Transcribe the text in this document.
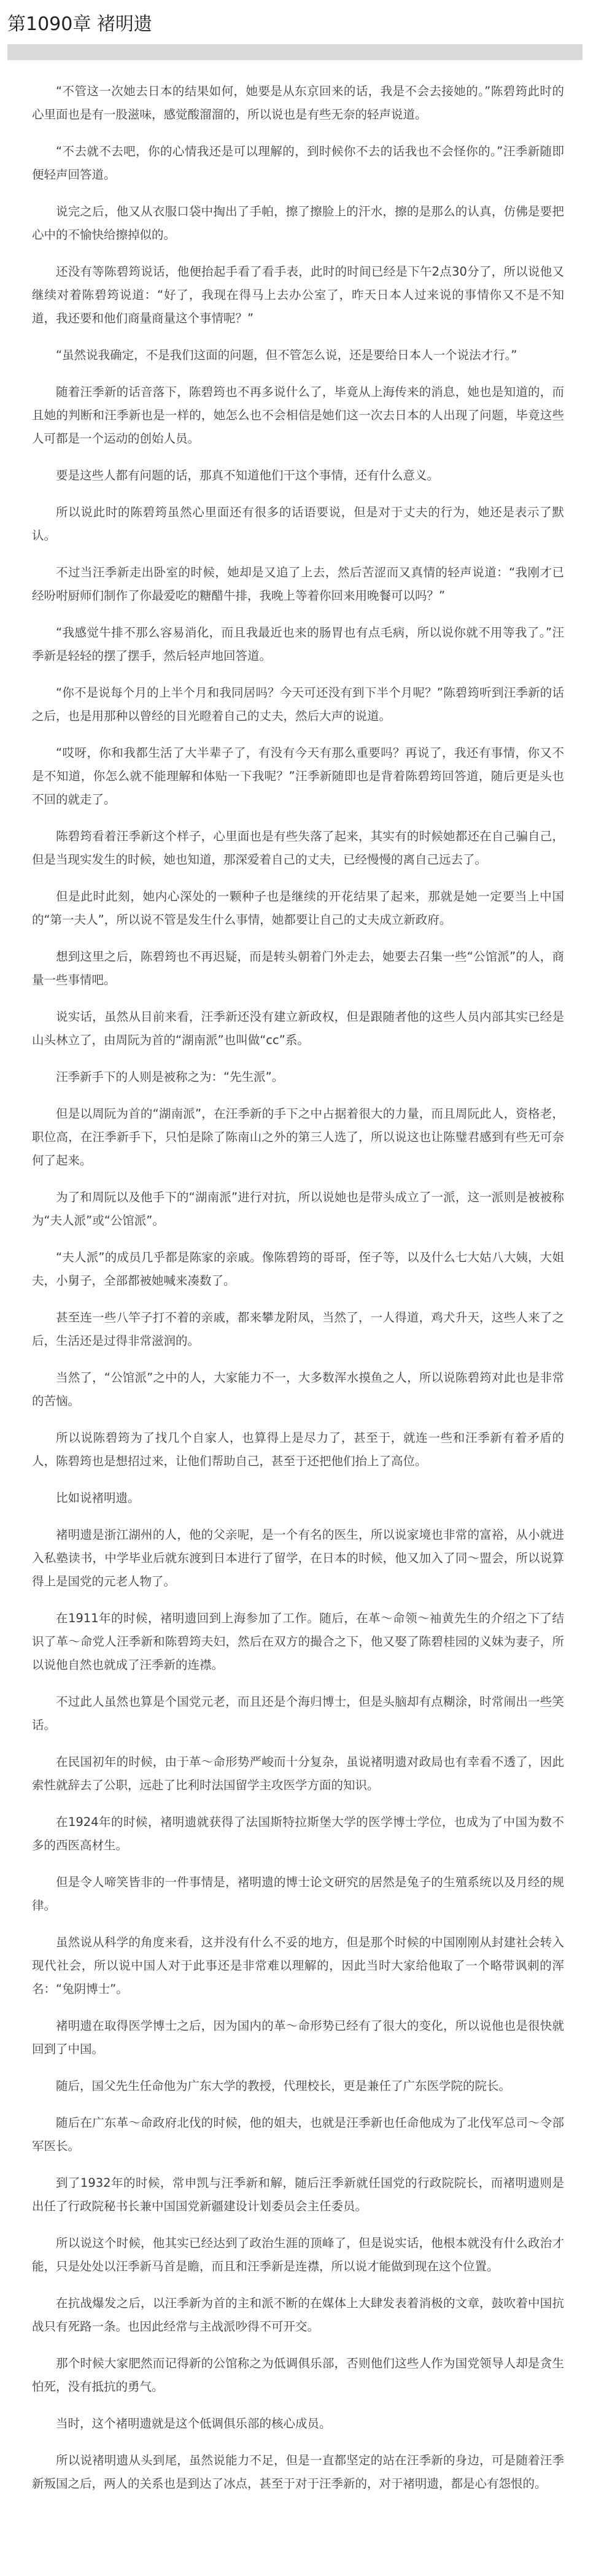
第1090章 褚明遗

“不管这一次她去日本的结果如何，她要是从东京回来的话，我是不会去接她的。”陈碧筠此时的心里面也是有一股滋味，感觉酸溜溜的，所以说也是有些无奈的轻声说道。

“不去就不去吧，你的心情我还是可以理解的，到时候你不去的话我也不会怪你的。”汪季新随即便轻声回答道。

说完之后，他又从衣服口袋中掏出了手帕，擦了擦脸上的汗水，擦的是那么的认真，仿佛是要把心中的不愉快给擦掉似的。

还没有等陈碧筠说话，他便抬起手看了看手表，此时的时间已经是下午2点30分了，所以说他又继续对着陈碧筠说道：“好了，我现在得马上去办公室了，昨天日本人过来说的事情你又不是不知道，我还要和他们商量商量这个事情呢？”

“虽然说我确定，不是我们这面的问题，但不管怎么说，还是要给日本人一个说法才行。”

随着汪季新的话音落下，陈碧筠也不再多说什么了，毕竟从上海传来的消息，她也是知道的，而且她的判断和汪季新也是一样的，她怎么也不会相信是她们这一次去日本的人出现了问题，毕竟这些人可都是一个运动的创始人员。

要是这些人都有问题的话，那真不知道他们干这个事情，还有什么意义。

所以说此时的陈碧筠虽然心里面还有很多的话语要说，但是对于丈夫的行为，她还是表示了默认。

不过当汪季新走出卧室的时候，她却是又追了上去，然后苦涩而又真情的轻声说道：“我刚才已经吩咐厨师们制作了你最爱吃的糖醋牛排，我晚上等着你回来用晚餐可以吗？”

“我感觉牛排不那么容易消化，而且我最近也来的肠胃也有点毛病，所以说你就不用等我了。”汪季新是轻轻的摆了摆手，然后轻声地回答道。

“你不是说每个月的上半个月和我同居吗？今天可还没有到下半个月呢？”陈碧筠听到汪季新的话之后，也是用那种以曾经的目光瞪着自己的丈夫，然后大声的说道。

“哎呀，你和我都生活了大半辈子了，有没有今天有那么重要吗？再说了，我还有事情，你又不是不知道，你怎么就不能理解和体贴一下我呢？”汪季新随即也是背着陈碧筠回答道，随后更是头也不回的就走了。

陈碧筠看着汪季新这个样子，心里面也是有些失落了起来，其实有的时候她都还在自己骗自己，但是当现实发生的时候，她也知道，那深爱着自己的丈夫，已经慢慢的离自己远去了。

但是此时此刻，她内心深处的一颗种子也是继续的开花结果了起来，那就是她一定要当上中国的“第一夫人”，所以说不管是发生什么事情，她都要让自己的丈夫成立新政府。

想到这里之后，陈碧筠也不再迟疑，而是转头朝着门外走去，她要去召集一些“公馆派”的人，商量一些事情吧。

说实话，虽然从目前来看，汪季新还没有建立新政权，但是跟随者他的这些人员内部其实已经是山头林立了，由周阮为首的“湖南派”也叫做“cc”系。

汪季新手下的人则是被称之为：“先生派”。

但是以周阮为首的“湖南派”，在汪季新的手下之中占据着很大的力量，而且周阮此人，资格老，职位高，在汪季新手下，只怕是除了陈南山之外的第三人选了，所以说这也让陈璧君感到有些无可奈何了起来。

为了和周阮以及他手下的“湖南派”进行对抗，所以说她也是带头成立了一派，这一派则是被被称为“夫人派”或“公馆派”。

“夫人派”的成员几乎都是陈家的亲戚。像陈碧筠的哥哥，侄子等，以及什么七大姑八大姨，大姐夫，小舅子，全部都被她喊来凑数了。

甚至连一些八竿子打不着的亲戚，都来攀龙附凤，当然了，一人得道，鸡犬升天，这些人来了之后，生活还是过得非常滋润的。

当然了，“公馆派”之中的人，大家能力不一，大多数浑水摸鱼之人，所以说陈碧筠对此也是非常的苦恼。

所以说陈碧筠为了找几个自家人，也算得上是尽力了，甚至于，就连一些和汪季新有着矛盾的人，陈碧筠也是想招过来，让他们帮助自己，甚至于还把他们抬上了高位。

比如说褚明遗。

褚明遗是浙江湖州的人，他的父亲呢，是一个有名的医生，所以说家境也非常的富裕，从小就进入私塾读书，中学毕业后就东渡到日本进行了留学，在日本的时候，他又加入了同～盟会，所以说算得上是国党的元老人物了。

在1911年的时候，褚明遗回到上海参加了工作。随后，在革～命领～袖黄先生的介绍之下了结识了革～命党人汪季新和陈碧筠夫妇，然后在双方的撮合之下，他又娶了陈碧桂园的义妹为妻子，所以说他自然也就成了汪季新的连襟。

不过此人虽然也算是个国党元老，而且还是个海归博士，但是头脑却有点糊涂，时常闹出一些笑话。

在民国初年的时候，由于革～命形势严峻而十分复杂，虽说褚明遗对政局也有幸看不透了，因此索性就辞去了公职，远赴了比利时法国留学主攻医学方面的知识。

在1924年的时候，褚明遗就获得了法国斯特拉斯堡大学的医学博士学位，也成为了中国为数不多的西医高材生。

但是令人啼笑皆非的一件事情是，褚明遗的博士论文研究的居然是兔子的生殖系统以及月经的规律。

虽然说从科学的角度来看，这并没有什么不妥的地方，但是那个时候的中国刚刚从封建社会转入现代社会，所以说中国人对于此事还是非常难以理解的，因此当时大家给他取了一个略带讽刺的浑名：“兔阴博士”。

褚明遗在取得医学博士之后，因为国内的革～命形势已经有了很大的变化，所以说他也是很快就回到了中国。

随后，国父先生任命他为广东大学的教授，代理校长，更是兼任了广东医学院的院长。

随后在广东革～命政府北伐的时候，他的姐夫，也就是汪季新也任命他成为了北伐军总司～令部军医长。

到了1932年的时候，常申凯与汪季新和解，随后汪季新就任国党的行政院院长，而褚明遗则是出任了行政院秘书长兼中国国党新疆建设计划委员会主任委员。

所以说这个时候，他其实已经达到了政治生涯的顶峰了，但是说实话，他根本就没有什么政治才能，只是处处以汪季新马首是瞻，而且和汪季新是连襟，所以说才能做到现在这个位置。

在抗战爆发之后，以汪季新为首的主和派不断的在媒体上大肆发表着消极的文章，鼓吹着中国抗战只有死路一条。也因此经常与主战派吵得不可开交。

那个时候大家肥然而记得新的公馆称之为低调俱乐部，否则他们这些人作为国党领导人却是贪生怕死，没有抵抗的勇气。

当时，这个褚明遗就是这个低调俱乐部的核心成员。

所以说褚明遗从头到尾，虽然说能力不足，但是一直都坚定的站在汪季新的身边，可是随着汪季新叛国之后，两人的关系也是到达了冰点，甚至于对于汪季新的，对于褚明遗，都是心有怨恨的。
